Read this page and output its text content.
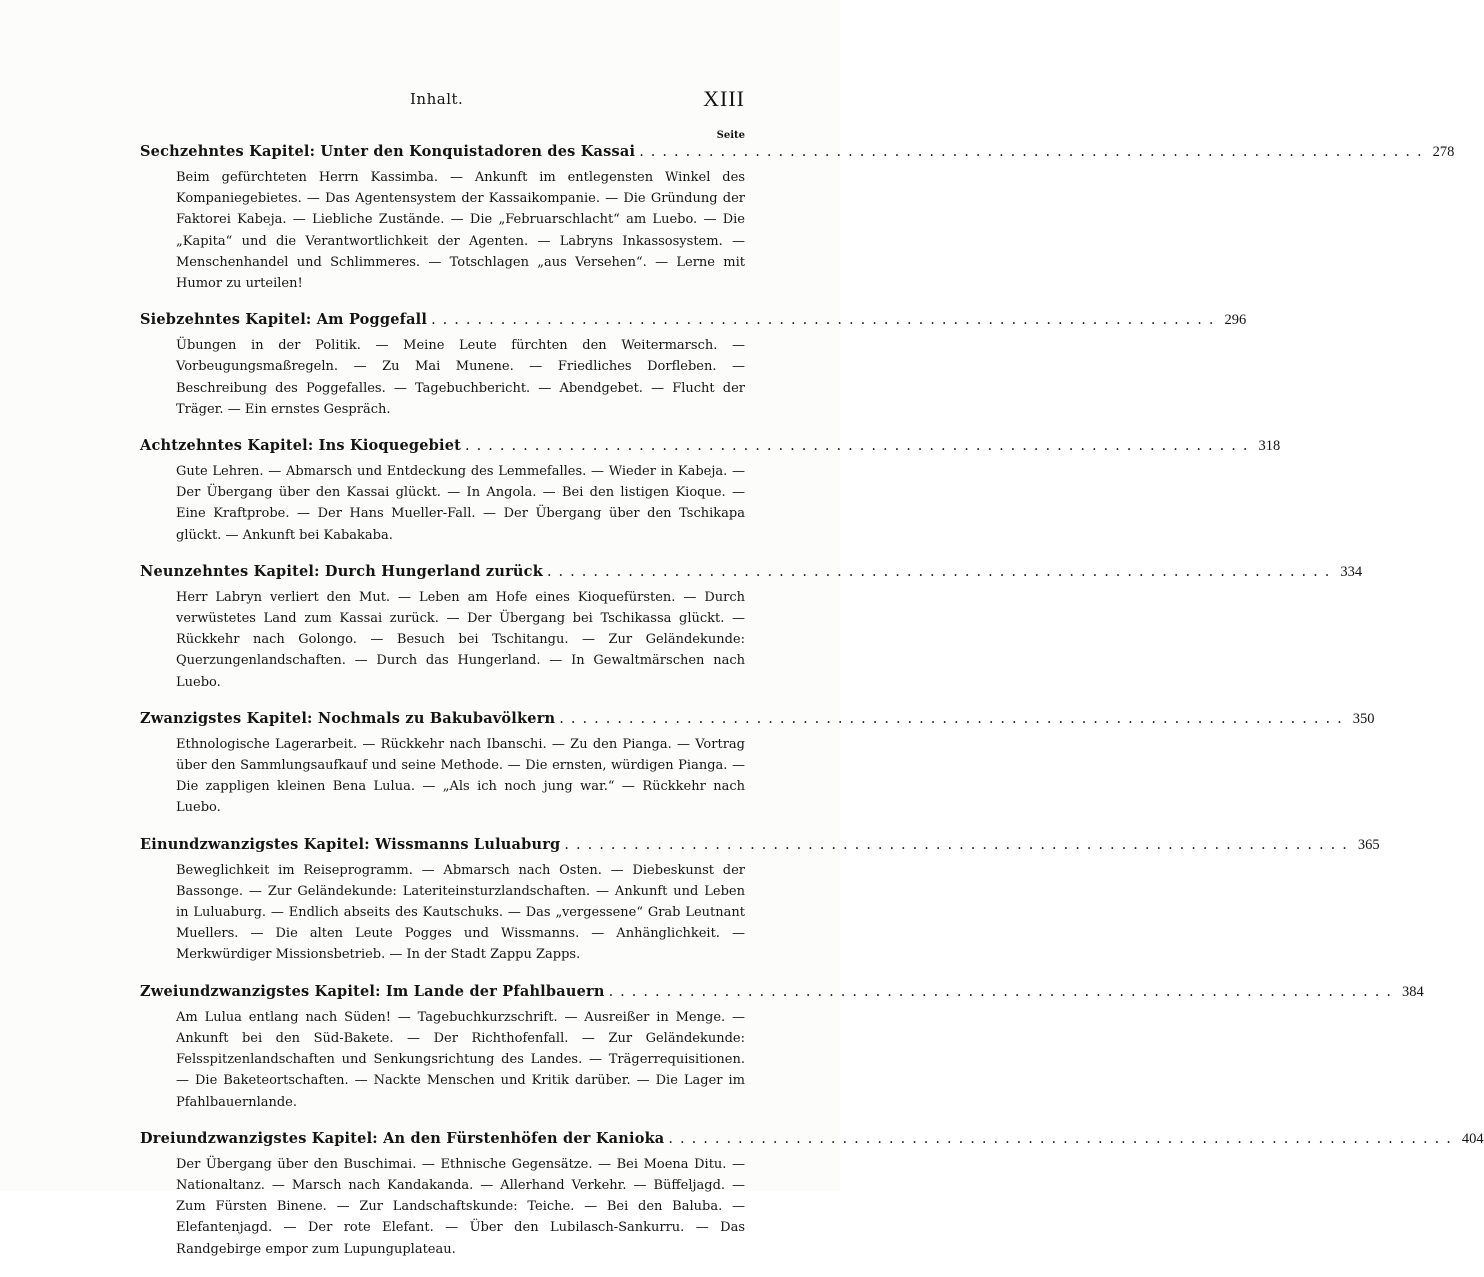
Inhalt.	XIII
Seite
Sechzehntes Kapitel: Unter den Konquistadoren des Kassai .................................................................... 278
Beim gefürchteten Herrn Kassimba. — Ankunft im entlegensten Winkel des Kompaniegebietes. — Das Agentensystem der Kassaikompanie. — Die Gründung der Faktorei Kabeja. — Liebliche Zustände. — Die „Februarschlacht“ am Luebo. — Die „Kapita“ und die Verantwortlichkeit der Agenten. — Labryns Inkassosystem. — Menschenhandel und Schlimmeres. — Totschlagen „aus Versehen“. — Lerne mit Humor zu urteilen!
Siebzehntes Kapitel: Am Poggefall .................................................................... 296
Übungen in der Politik. — Meine Leute fürchten den Weitermarsch. — Vorbeugungsmaßregeln. — Zu Mai Munene. — Friedliches Dorfleben. — Beschreibung des Poggefalles. — Tagebuchbericht. — Abendgebet. — Flucht der Träger. — Ein ernstes Gespräch.
Achtzehntes Kapitel: Ins Kioquegebiet .................................................................... 318
Gute Lehren. — Abmarsch und Entdeckung des Lemmefalles. — Wieder in Kabeja. — Der Übergang über den Kassai glückt. — In Angola. — Bei den listigen Kioque. — Eine Kraftprobe. — Der Hans Mueller-Fall. — Der Übergang über den Tschikapa glückt. — Ankunft bei Kabakaba.
Neunzehntes Kapitel: Durch Hungerland zurück .................................................................... 334
Herr Labryn verliert den Mut. — Leben am Hofe eines Kioquefürsten. — Durch verwüstetes Land zum Kassai zurück. — Der Übergang bei Tschikassa glückt. — Rückkehr nach Golongo. — Besuch bei Tschitangu. — Zur Geländekunde: Querzungenlandschaften. — Durch das Hungerland. — In Gewaltmärschen nach Luebo.
Zwanzigstes Kapitel: Nochmals zu Bakubavölkern .................................................................... 350
Ethnologische Lagerarbeit. — Rückkehr nach Ibanschi. — Zu den Pianga. — Vortrag über den Sammlungsaufkauf und seine Methode. — Die ernsten, würdigen Pianga. — Die zappligen kleinen Bena Lulua. — „Als ich noch jung war.“ — Rückkehr nach Luebo.
Einundzwanzigstes Kapitel: Wissmanns Luluaburg .................................................................... 365
Beweglichkeit im Reiseprogramm. — Abmarsch nach Osten. — Diebeskunst der Bassonge. — Zur Geländekunde: Lateriteinsturzlandschaften. — Ankunft und Leben in Luluaburg. — Endlich abseits des Kautschuks. — Das „vergessene“ Grab Leutnant Muellers. — Die alten Leute Pogges und Wissmanns. — Anhänglichkeit. — Merkwürdiger Missionsbetrieb. — In der Stadt Zappu Zapps.
Zweiundzwanzigstes Kapitel: Im Lande der Pfahlbauern .................................................................... 384
Am Lulua entlang nach Süden! — Tagebuchkurzschrift. — Ausreißer in Menge. — Ankunft bei den Süd-Bakete. — Der Richthofenfall. — Zur Geländekunde: Felsspitzenlandschaften und Senkungsrichtung des Landes. — Trägerrequisitionen. — Die Baketeortschaften. — Nackte Menschen und Kritik darüber. — Die Lager im Pfahlbauernlande.
Dreiundzwanzigstes Kapitel: An den Fürstenhöfen der Kanioka .................................................................... 404
Der Übergang über den Buschimai. — Ethnische Gegensätze. — Bei Moena Ditu. — Nationaltanz. — Marsch nach Kandakanda. — Allerhand Verkehr. — Büffeljagd. — Zum Fürsten Binene. — Zur Landschaftskunde: Teiche. — Bei den Baluba. — Elefantenjagd. — Der rote Elefant. — Über den Lubilasch-Sankurru. — Das Randgebirge empor zum Lupunguplateau.
